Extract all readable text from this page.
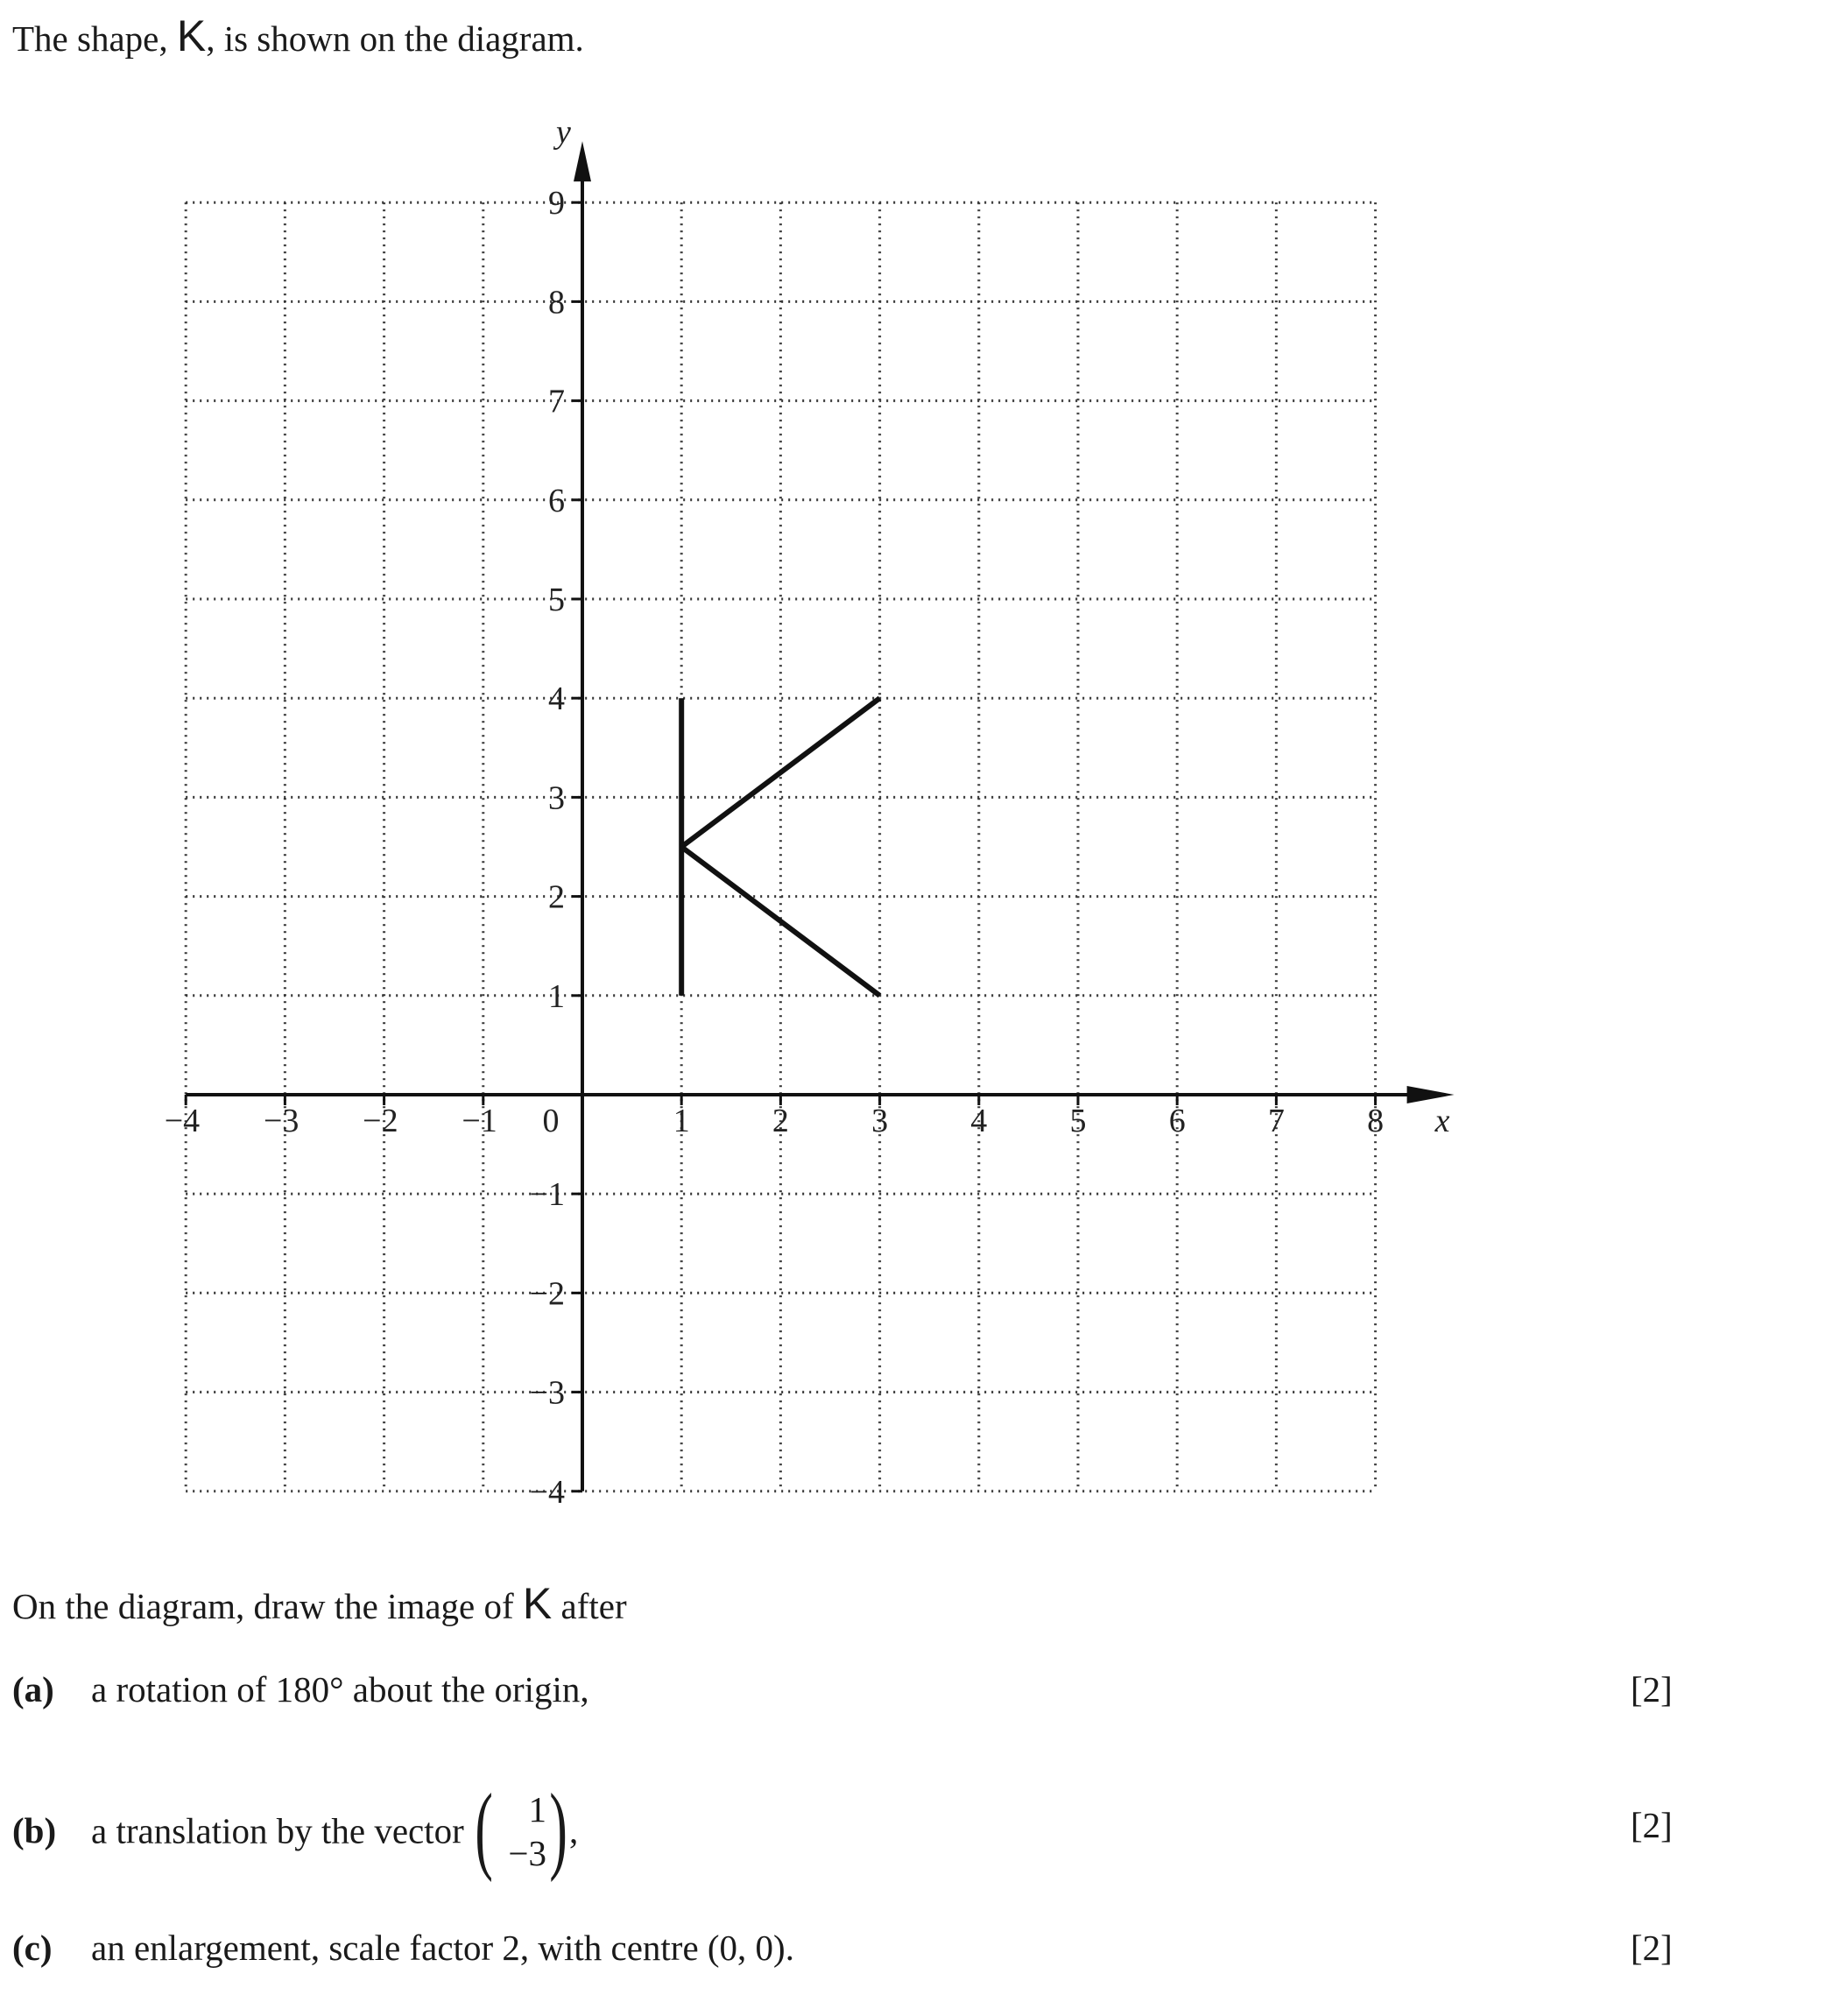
The shape, K, is shown on the diagram.
−4 −3 −2 −1 0	1 2 3 4 5 6 7 8
9
8
7
6
5
4
3
2
1
−1
−2
−3
−4
x
y
On the diagram, draw the image of K after
(a) a rotation of 180° about the origin,	[2]
(b) a translation by the vector ( 1
−3 ) ,	[2]
(c) an enlargement, scale factor 2, with centre (0, 0).	[2]
